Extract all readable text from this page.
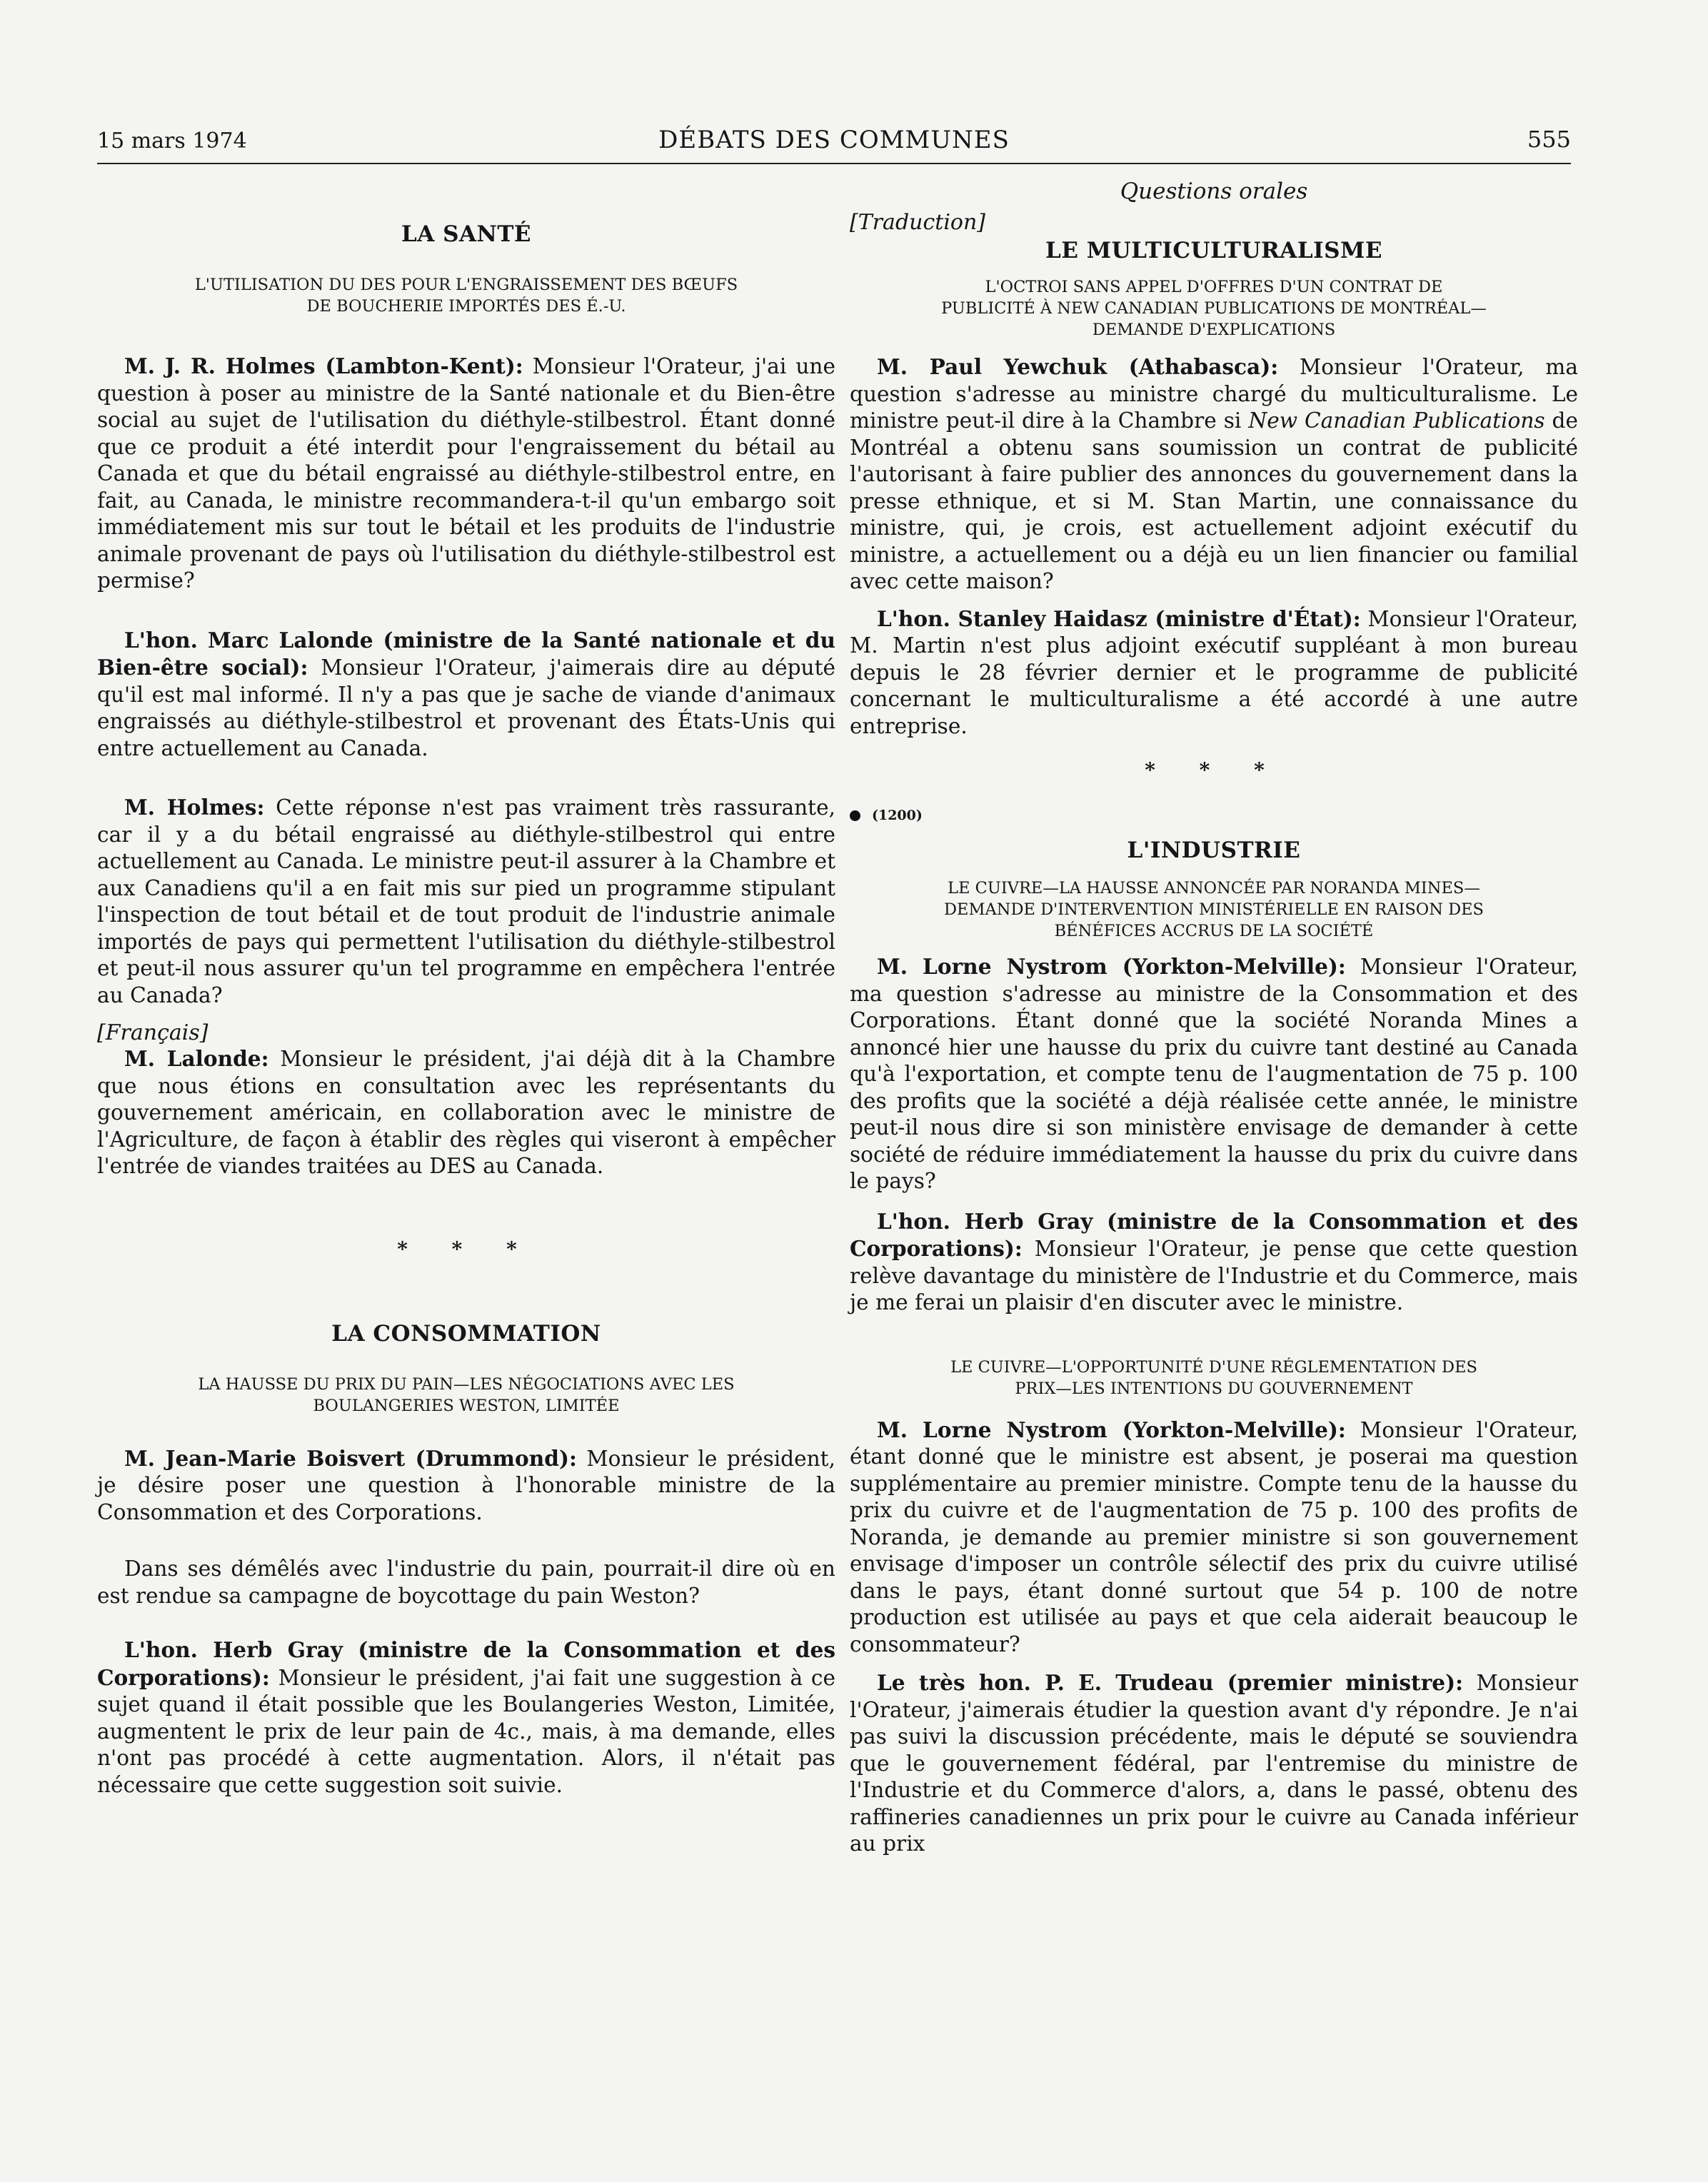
15 mars 1974	DÉBATS DES COMMUNES	555
LA SANTÉ
L'UTILISATION DU DES POUR L'ENGRAISSEMENT DES BŒUFS
DE BOUCHERIE IMPORTÉS DES É.-U.

M. J. R. Holmes (Lambton-Kent): Monsieur l'Orateur, j'ai une question à poser au ministre de la Santé nationale et du Bien-être social au sujet de l'utilisation du diéthyle-stilbestrol. Étant donné que ce produit a été interdit pour l'engraissement du bétail au Canada et que du bétail engraissé au diéthyle-stilbestrol entre, en fait, au Canada, le ministre recommandera-t-il qu'un embargo soit immédiatement mis sur tout le bétail et les produits de l'industrie animale provenant de pays où l'utilisation du diéthyle-stilbestrol est permise?

L'hon. Marc Lalonde (ministre de la Santé nationale et du Bien-être social): Monsieur l'Orateur, j'aimerais dire au député qu'il est mal informé. Il n'y a pas que je sache de viande d'animaux engraissés au diéthyle-stilbestrol et provenant des États-Unis qui entre actuellement au Canada.

M. Holmes: Cette réponse n'est pas vraiment très rassurante, car il y a du bétail engraissé au diéthyle-stilbestrol qui entre actuellement au Canada. Le ministre peut-il assurer à la Chambre et aux Canadiens qu'il a en fait mis sur pied un programme stipulant l'inspection de tout bétail et de tout produit de l'industrie animale importés de pays qui permettent l'utilisation du diéthyle-stilbestrol et peut-il nous assurer qu'un tel programme en empêchera l'entrée au Canada?

[Français]

M. Lalonde: Monsieur le président, j'ai déjà dit à la Chambre que nous étions en consultation avec les représentants du gouvernement américain, en collaboration avec le ministre de l'Agriculture, de façon à établir des règles qui viseront à empêcher l'entrée de viandes traitées au DES au Canada.

* * *
LA CONSOMMATION
LA HAUSSE DU PRIX DU PAIN—LES NÉGOCIATIONS AVEC LES
BOULANGERIES WESTON, LIMITÉE

M. Jean-Marie Boisvert (Drummond): Monsieur le président, je désire poser une question à l'honorable ministre de la Consommation et des Corporations.

Dans ses démêlés avec l'industrie du pain, pourrait-il dire où en est rendue sa campagne de boycottage du pain Weston?

L'hon. Herb Gray (ministre de la Consommation et des Corporations): Monsieur le président, j'ai fait une suggestion à ce sujet quand il était possible que les Boulangeries Weston, Limitée, augmentent le prix de leur pain de 4c., mais, à ma demande, elles n'ont pas procédé à cette augmentation. Alors, il n'était pas nécessaire que cette suggestion soit suivie.

Questions orales

[Traduction]

LE MULTICULTURALISME
L'OCTROI SANS APPEL D'OFFRES D'UN CONTRAT DE
PUBLICITÉ À NEW CANADIAN PUBLICATIONS DE MONTRÉAL—
DEMANDE D'EXPLICATIONS

M. Paul Yewchuk (Athabasca): Monsieur l'Orateur, ma question s'adresse au ministre chargé du multiculturalisme. Le ministre peut-il dire à la Chambre si New Canadian Publications de Montréal a obtenu sans soumission un contrat de publicité l'autorisant à faire publier des annonces du gouvernement dans la presse ethnique, et si M. Stan Martin, une connaissance du ministre, qui, je crois, est actuellement adjoint exécutif du ministre, a actuellement ou a déjà eu un lien financier ou familial avec cette maison?

L'hon. Stanley Haidasz (ministre d'État): Monsieur l'Orateur, M. Martin n'est plus adjoint exécutif suppléant à mon bureau depuis le 28 février dernier et le programme de publicité concernant le multiculturalisme a été accordé à une autre entreprise.

* * *
(1200)
L'INDUSTRIE
LE CUIVRE—LA HAUSSE ANNONCÉE PAR NORANDA MINES—
DEMANDE D'INTERVENTION MINISTÉRIELLE EN RAISON DES
BÉNÉFICES ACCRUS DE LA SOCIÉTÉ

M. Lorne Nystrom (Yorkton-Melville): Monsieur l'Orateur, ma question s'adresse au ministre de la Consommation et des Corporations. Étant donné que la société Noranda Mines a annoncé hier une hausse du prix du cuivre tant destiné au Canada qu'à l'exportation, et compte tenu de l'augmentation de 75 p. 100 des profits que la société a déjà réalisée cette année, le ministre peut-il nous dire si son ministère envisage de demander à cette société de réduire immédiatement la hausse du prix du cuivre dans le pays?

L'hon. Herb Gray (ministre de la Consommation et des Corporations): Monsieur l'Orateur, je pense que cette question relève davantage du ministère de l'Industrie et du Commerce, mais je me ferai un plaisir d'en discuter avec le ministre.

LE CUIVRE—L'OPPORTUNITÉ D'UNE RÉGLEMENTATION DES
PRIX—LES INTENTIONS DU GOUVERNEMENT

M. Lorne Nystrom (Yorkton-Melville): Monsieur l'Orateur, étant donné que le ministre est absent, je poserai ma question supplémentaire au premier ministre. Compte tenu de la hausse du prix du cuivre et de l'augmentation de 75 p. 100 des profits de Noranda, je demande au premier ministre si son gouvernement envisage d'imposer un contrôle sélectif des prix du cuivre utilisé dans le pays, étant donné surtout que 54 p. 100 de notre production est utilisée au pays et que cela aiderait beaucoup le consommateur?

Le très hon. P. E. Trudeau (premier ministre): Monsieur l'Orateur, j'aimerais étudier la question avant d'y répondre. Je n'ai pas suivi la discussion précédente, mais le député se souviendra que le gouvernement fédéral, par l'entremise du ministre de l'Industrie et du Commerce d'alors, a, dans le passé, obtenu des raffineries canadiennes un prix pour le cuivre au Canada inférieur au prix
